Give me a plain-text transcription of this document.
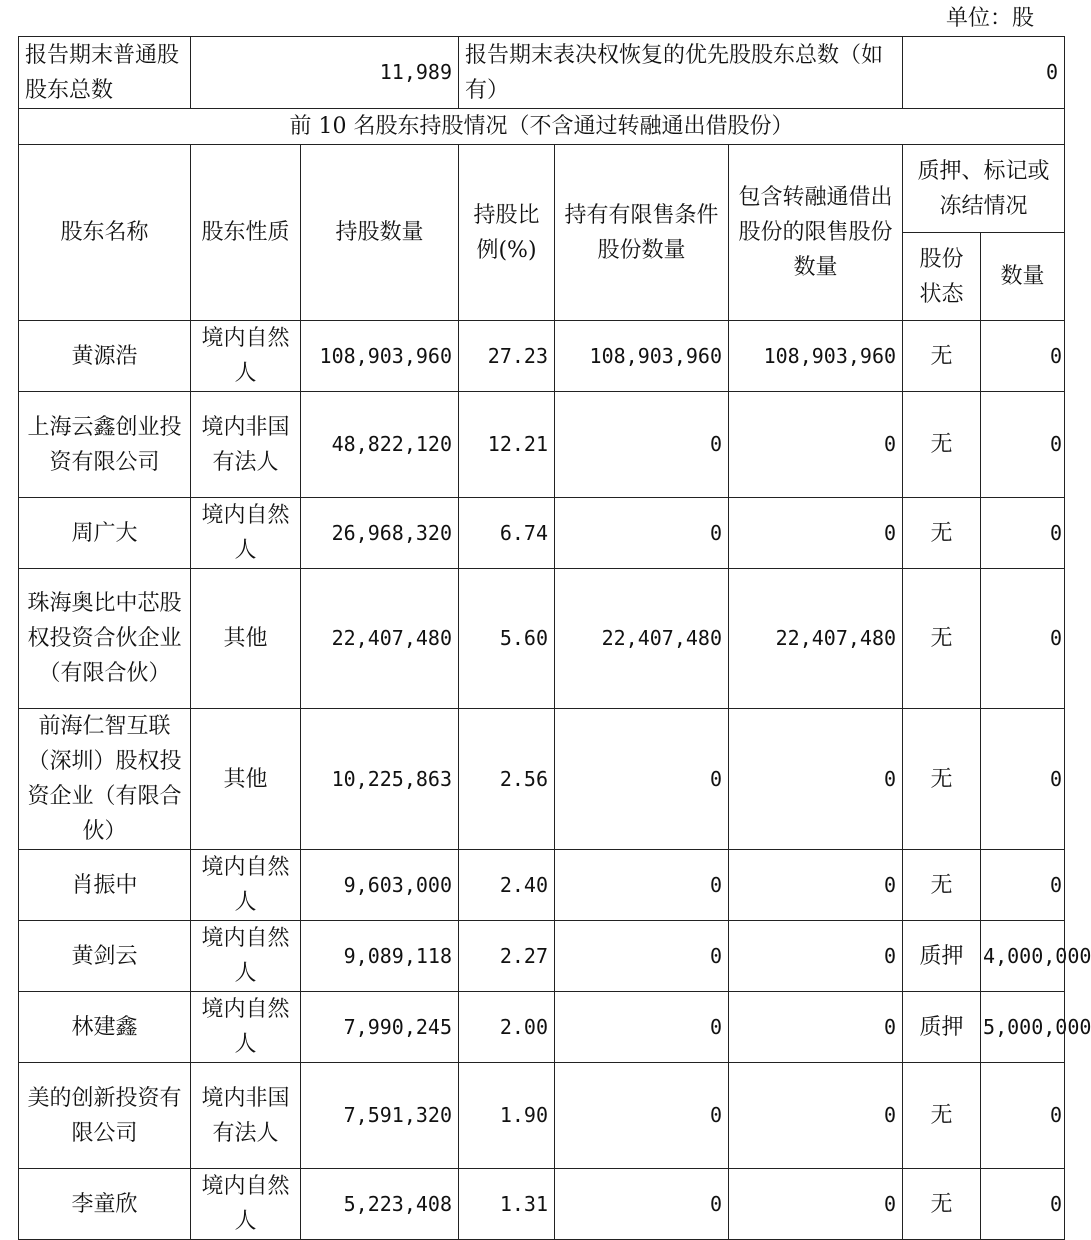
单位：股
报告期末普通股股东总数	11,989		报告期末表决权恢复的优先股股东总数（如有）			0	
前 10 名股东持股情况（不含通过转融通出借股份）							
股东名称	股东性质	持股数量	持股比例(%)	持有有限售条件股份数量	包含转融通借出股份的限售股份数量	质押、标记或冻结情况	
						股份状态	数量
黄源浩	境内自然人	108,903,960	27.23	108,903,960	108,903,960	无	0
上海云鑫创业投资有限公司	境内非国有法人	48,822,120	12.21	0	0	无	0
周广大	境内自然人	26,968,320	6.74	0	0	无	0
珠海奥比中芯股权投资合伙企业（有限合伙）	其他	22,407,480	5.60	22,407,480	22,407,480	无	0
前海仁智互联（深圳）股权投资企业（有限合伙）	其他	10,225,863	2.56	0	0	无	0
肖振中	境内自然人	9,603,000	2.40	0	0	无	0
黄剑云	境内自然人	9,089,118	2.27	0	0	质押	4,000,000
林建鑫	境内自然人	7,990,245	2.00	0	0	质押	5,000,000
美的创新投资有限公司	境内非国有法人	7,591,320	1.90	0	0	无	0
李童欣	境内自然人	5,223,408	1.31	0	0	无	0
